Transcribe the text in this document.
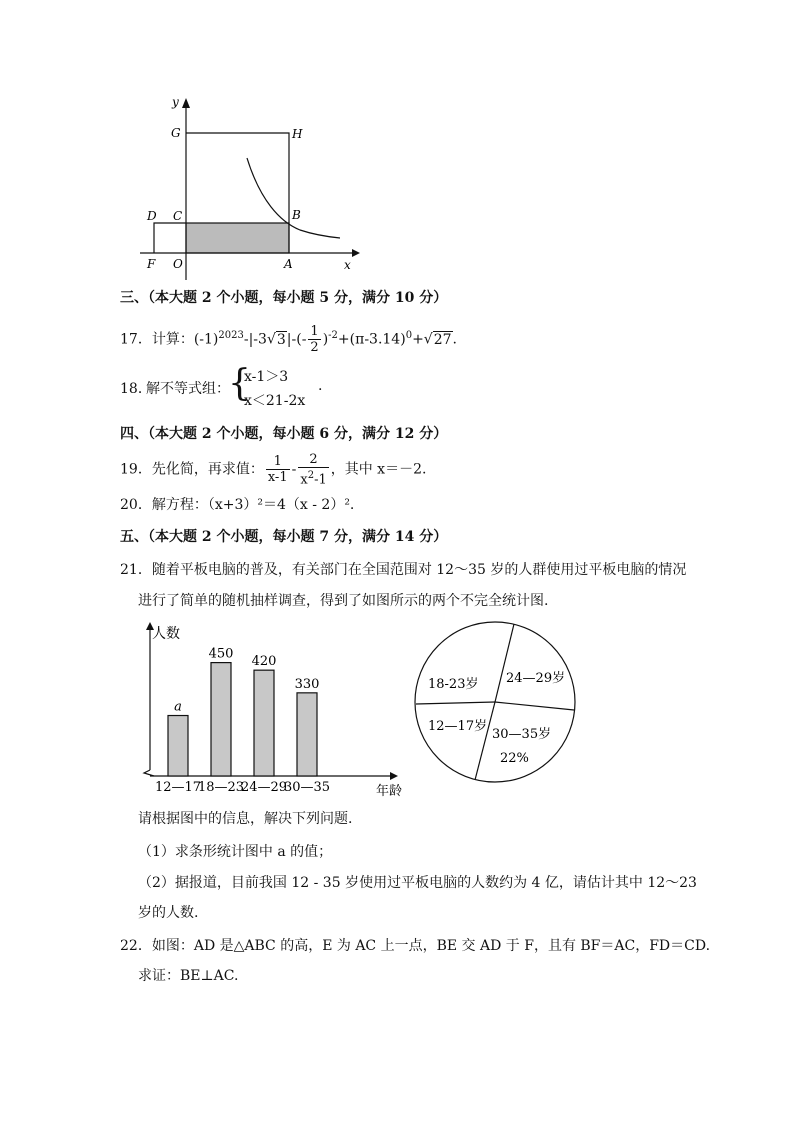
y
x
G	H
D C	B
F O	A
三、（本大题 2 个小题，每小题 5 分，满分 10 分）
17．计算：$(-1)^{2023}-|-3√3|-(- \frac{1}{2} )^{-2}+(\pi-3.14)^0+√27$.
18．
解不等式组：
{
x-1＞3
x＜21-2x
.
四、（本大题 2 个小题，每小题 6 分，满分 12 分）
19．先化简，再求值： $\frac{1}{x-1} - \frac{2}{x^2-1}$ ，其中 x＝－2.
20．解方程：（x+3）²＝4（x - 2）².
五、（本大题 2 个小题，每小题 7 分，满分 14 分）
21．随着平板电脑的普及，有关部门在全国范围对 12～35 岁的人群使用过平板电脑的情况
进行了简单的随机抽样调查，得到了如图所示的两个不完全统计图.
人数
年龄
a
12—17
450
18—23
420
24—29
330
30—35
18-23岁 24—29岁
12—17岁
30—35岁
22%
请根据图中的信息，解决下列问题.
（1）求条形统计图中 a 的值；
（2）据报道，目前我国 12 - 35 岁使用过平板电脑的人数约为 4 亿，请估计其中 12～23
岁的人数.
22．如图：AD 是△ABC 的高，E 为 AC 上一点，BE 交 AD 于 F，且有 BF＝AC，FD＝CD.
求证：BE⊥AC.
